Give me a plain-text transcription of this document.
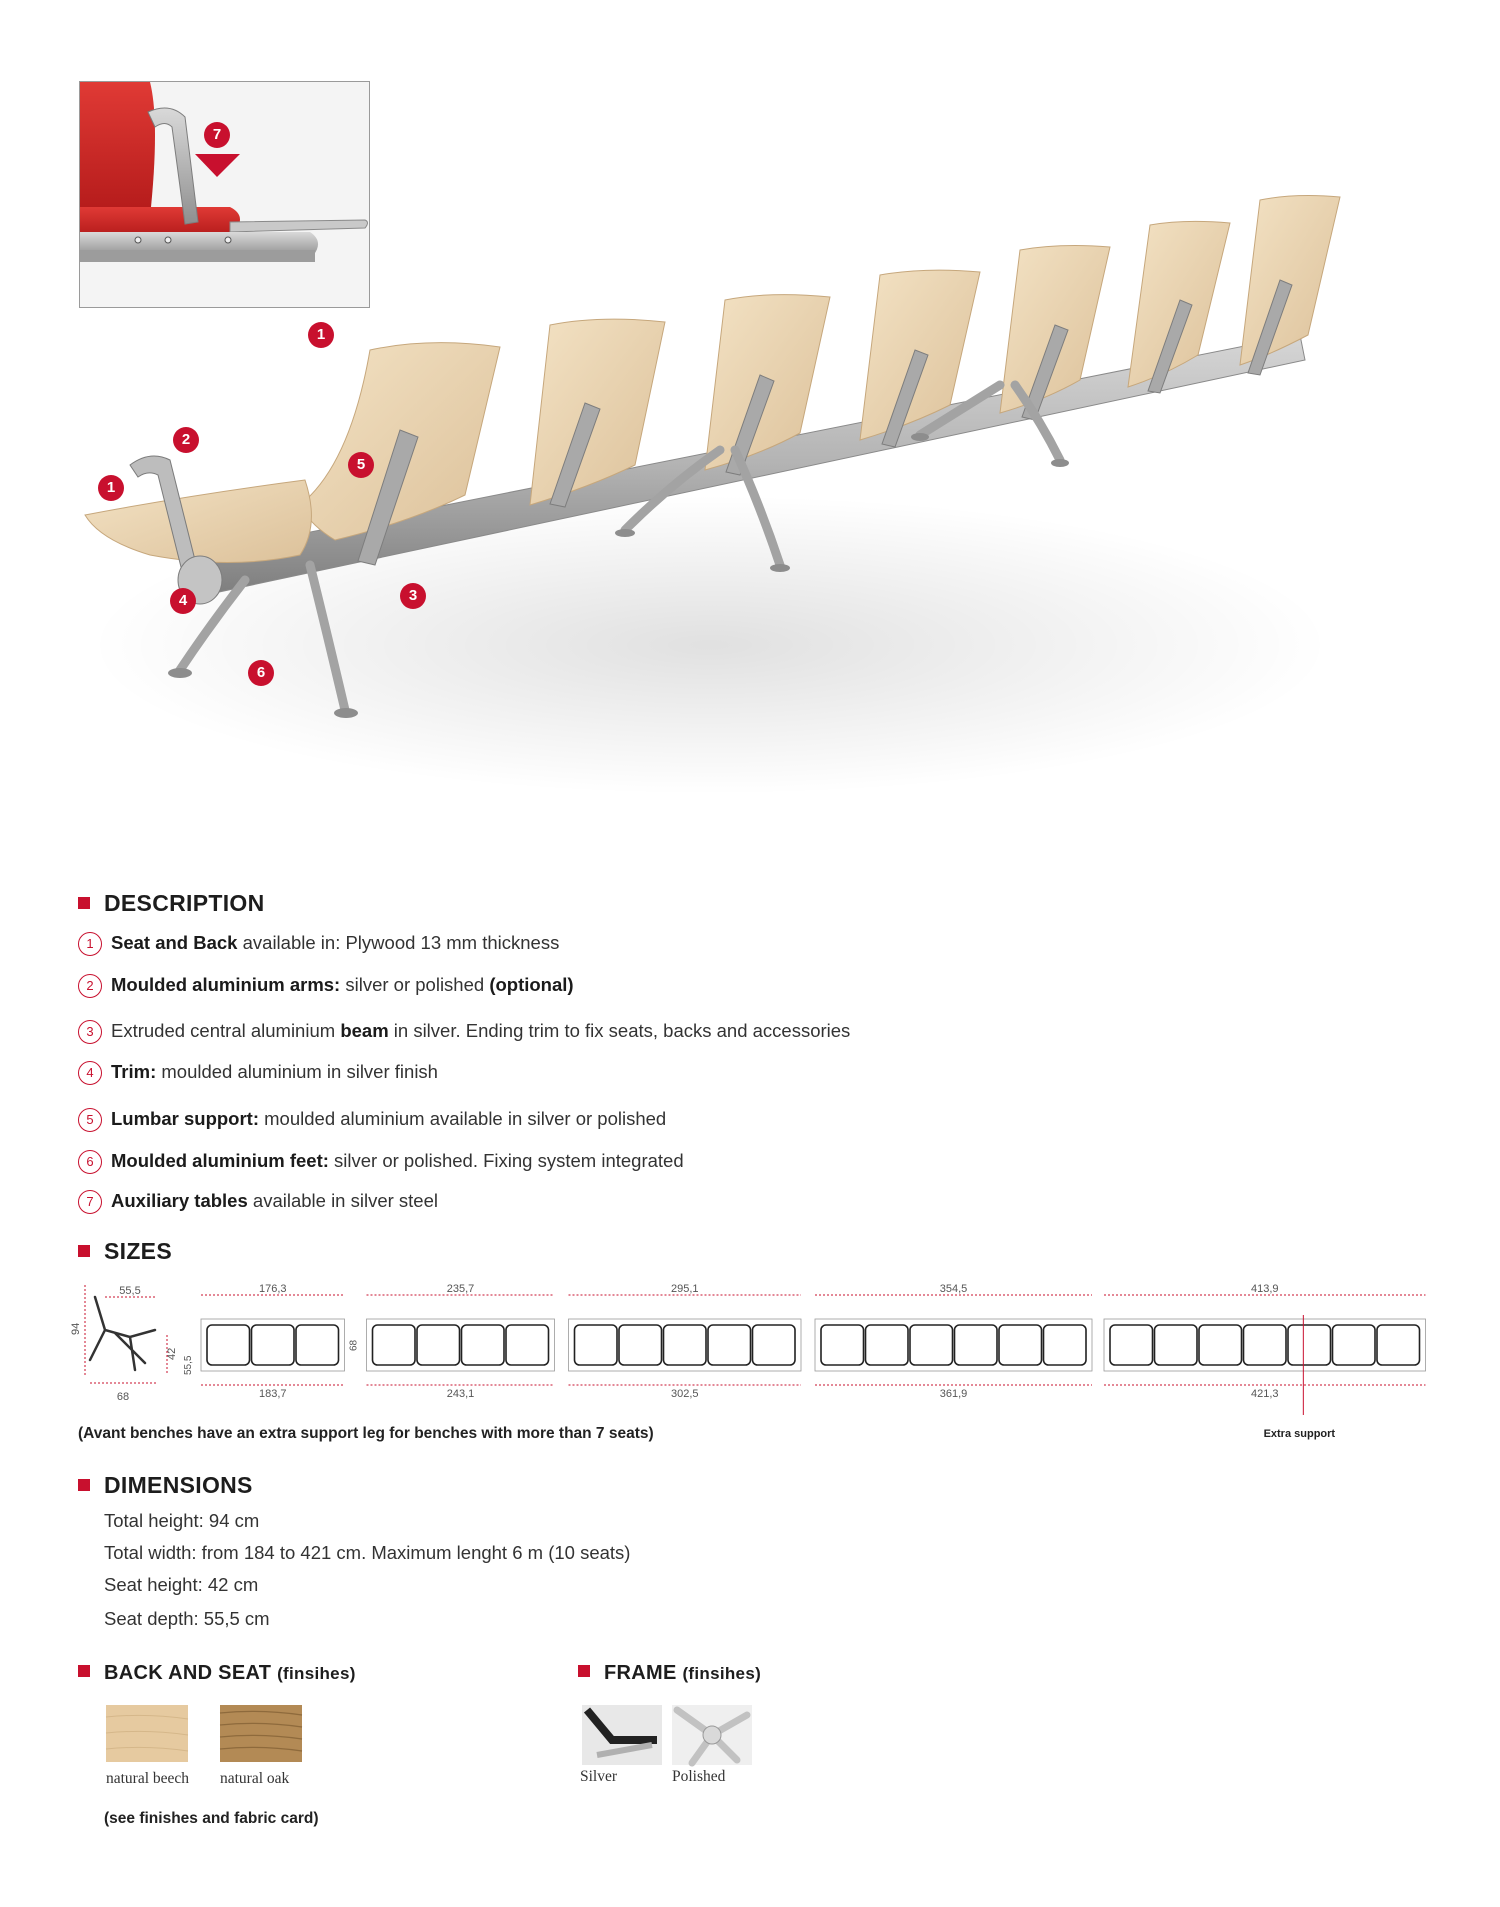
7
1
2
5
1
4	3
6
DESCRIPTION
1 Seat and Back available in: Plywood 13 mm thickness
2 Moulded aluminium arms: silver or polished (optional)
3 Extruded central aluminium beam in silver. Ending trim to fix seats, backs and accessories
4 Trim: moulded aluminium in silver finish
5 Lumbar support: moulded aluminium available in silver or polished
6 Moulded aluminium feet: silver or polished. Fixing system integrated
7 Auxiliary tables available in silver steel
SIZES
55,5
94
68
42
176,3
183,7
55,5
68
235,7
243,1
295,1
302,5
354,5
361,9
413,9
421,3
Extra support
(Avant benches have an extra support leg for benches with more than 7 seats)
DIMENSIONS
Total height: 94 cm
Total width: from 184 to 421 cm. Maximum lenght 6 m (10 seats)
Seat height: 42 cm
Seat depth: 55,5 cm
BACK AND SEAT (finsihes)
natural beech natural oak
(see finishes and fabric card)
FRAME (finsihes)
Silver	Polished
